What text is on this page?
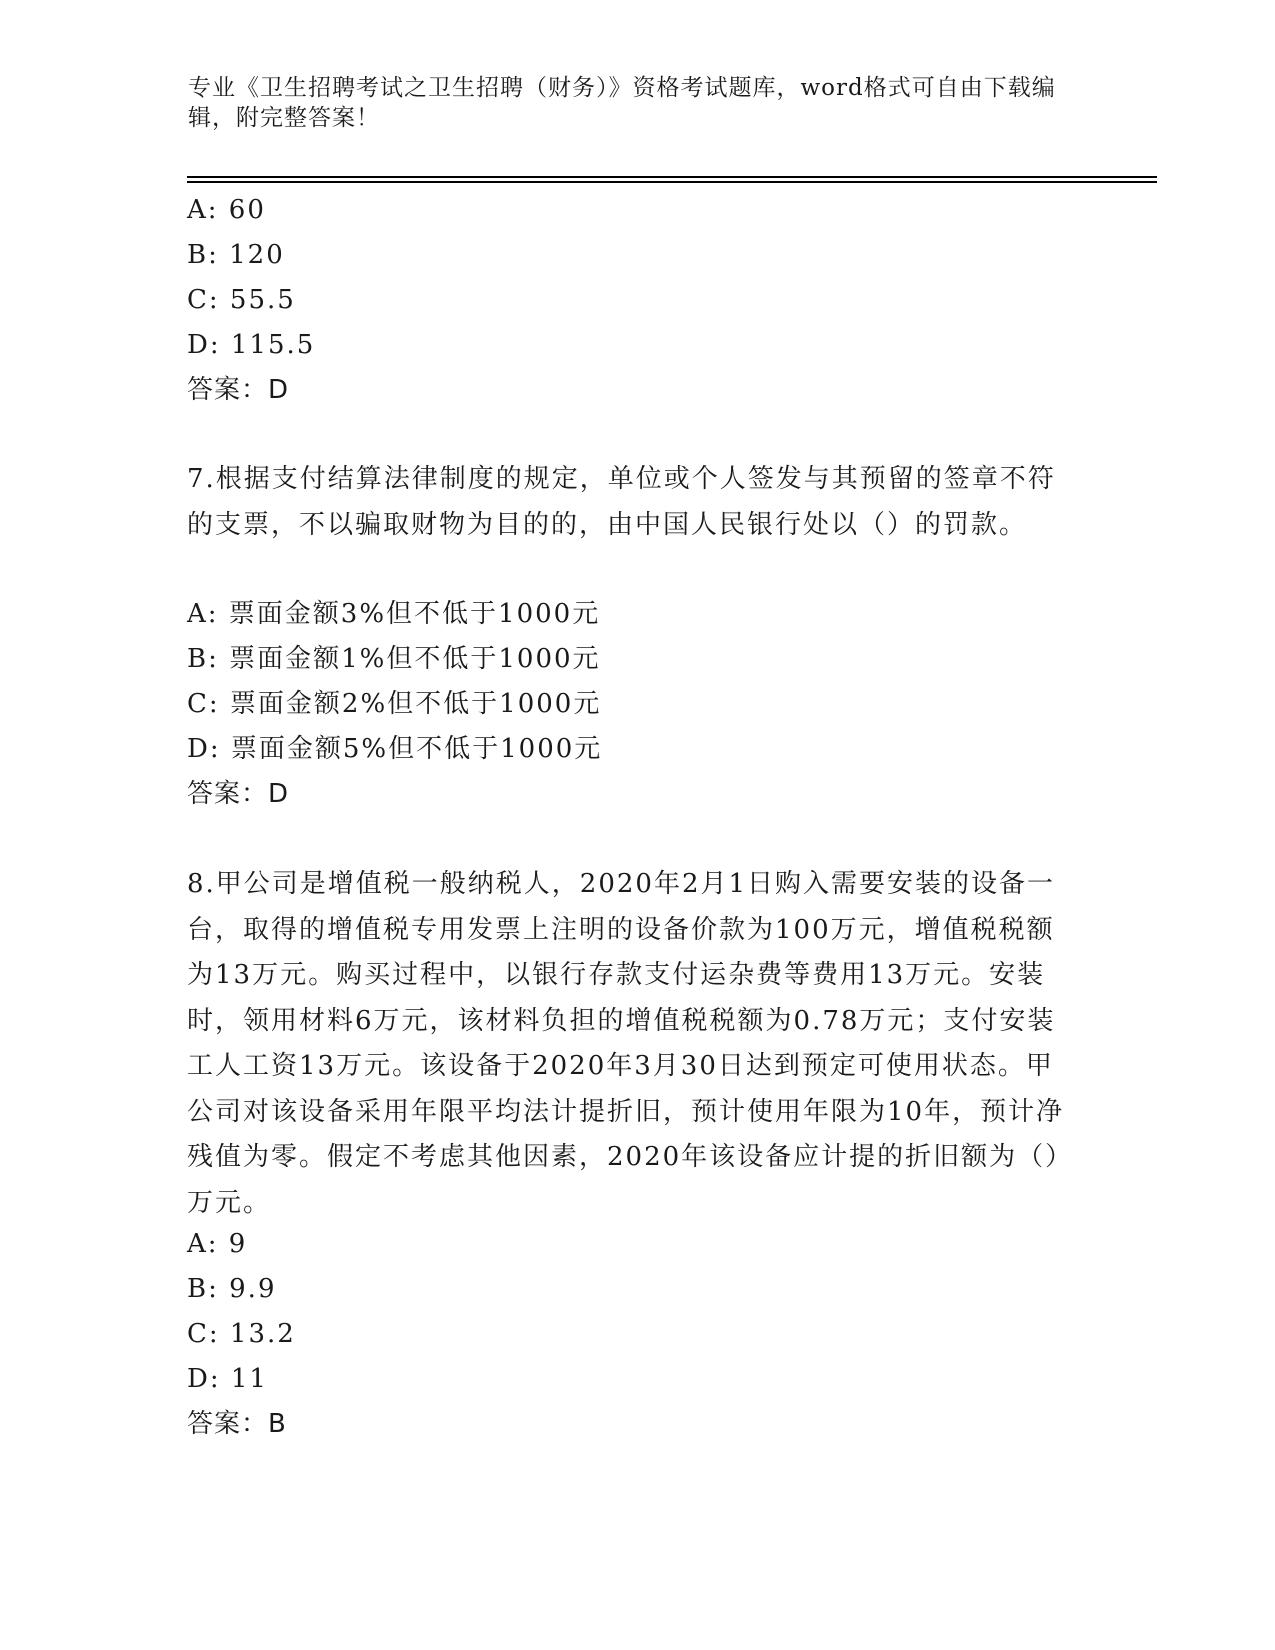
专业《卫生招聘考试之卫生招聘（财务）》资格考试题库，word格式可自由下载编辑，附完整答案！
A: 60
B: 120
C: 55.5
D: 115.5
答案：D
7.根据支付结算法律制度的规定，单位或个人签发与其预留的签章不符的支票，不以骗取财物为目的的，由中国人民银行处以（）的罚款。
A: 票面金额3%但不低于1000元
B: 票面金额1%但不低于1000元
C: 票面金额2%但不低于1000元
D: 票面金额5%但不低于1000元
答案：D
8.甲公司是增值税一般纳税人，2020年2月1日购入需要安装的设备一台，取得的增值税专用发票上注明的设备价款为100万元，增值税税额为13万元。购买过程中，以银行存款支付运杂费等费用13万元。安装时，领用材料6万元，该材料负担的增值税税额为0.78万元；支付安装工人工资13万元。该设备于2020年3月30日达到预定可使用状态。甲公司对该设备采用年限平均法计提折旧，预计使用年限为10年，预计净残值为零。假定不考虑其他因素，2020年该设备应计提的折旧额为（）万元。
A: 9
B: 9.9
C: 13.2
D: 11
答案：B
